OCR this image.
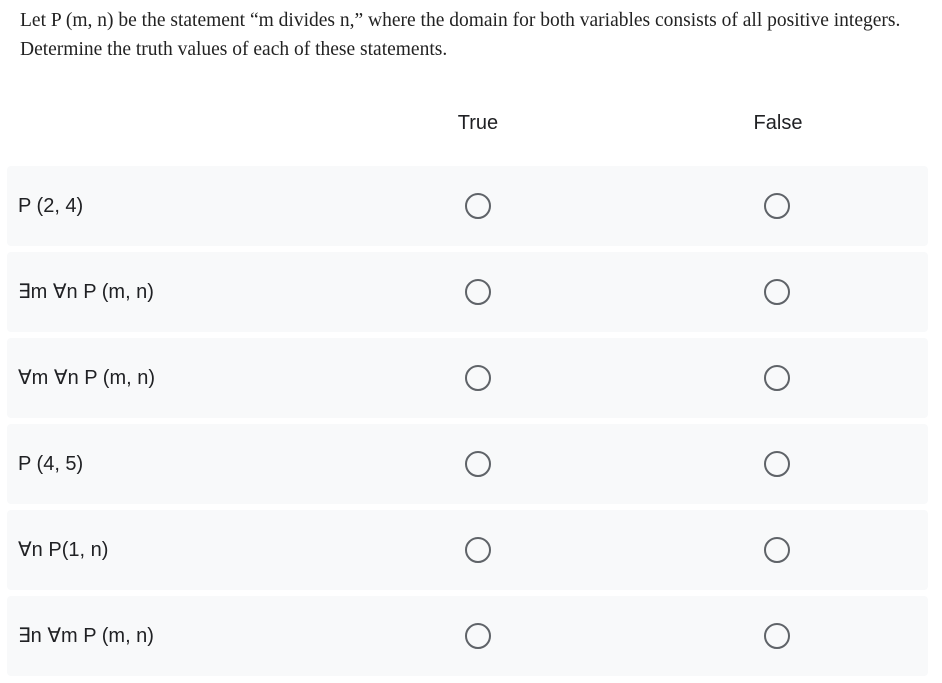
Let P (m, n) be the statement “m divides n,” where the domain for both variables consists of all positive integers. Determine the truth values of each of these statements.
True	False
P (2, 4)
∃m ∀n P (m, n)
∀m ∀n P (m, n)
P (4, 5)
∀n P(1, n)
∃n ∀m P (m, n)
